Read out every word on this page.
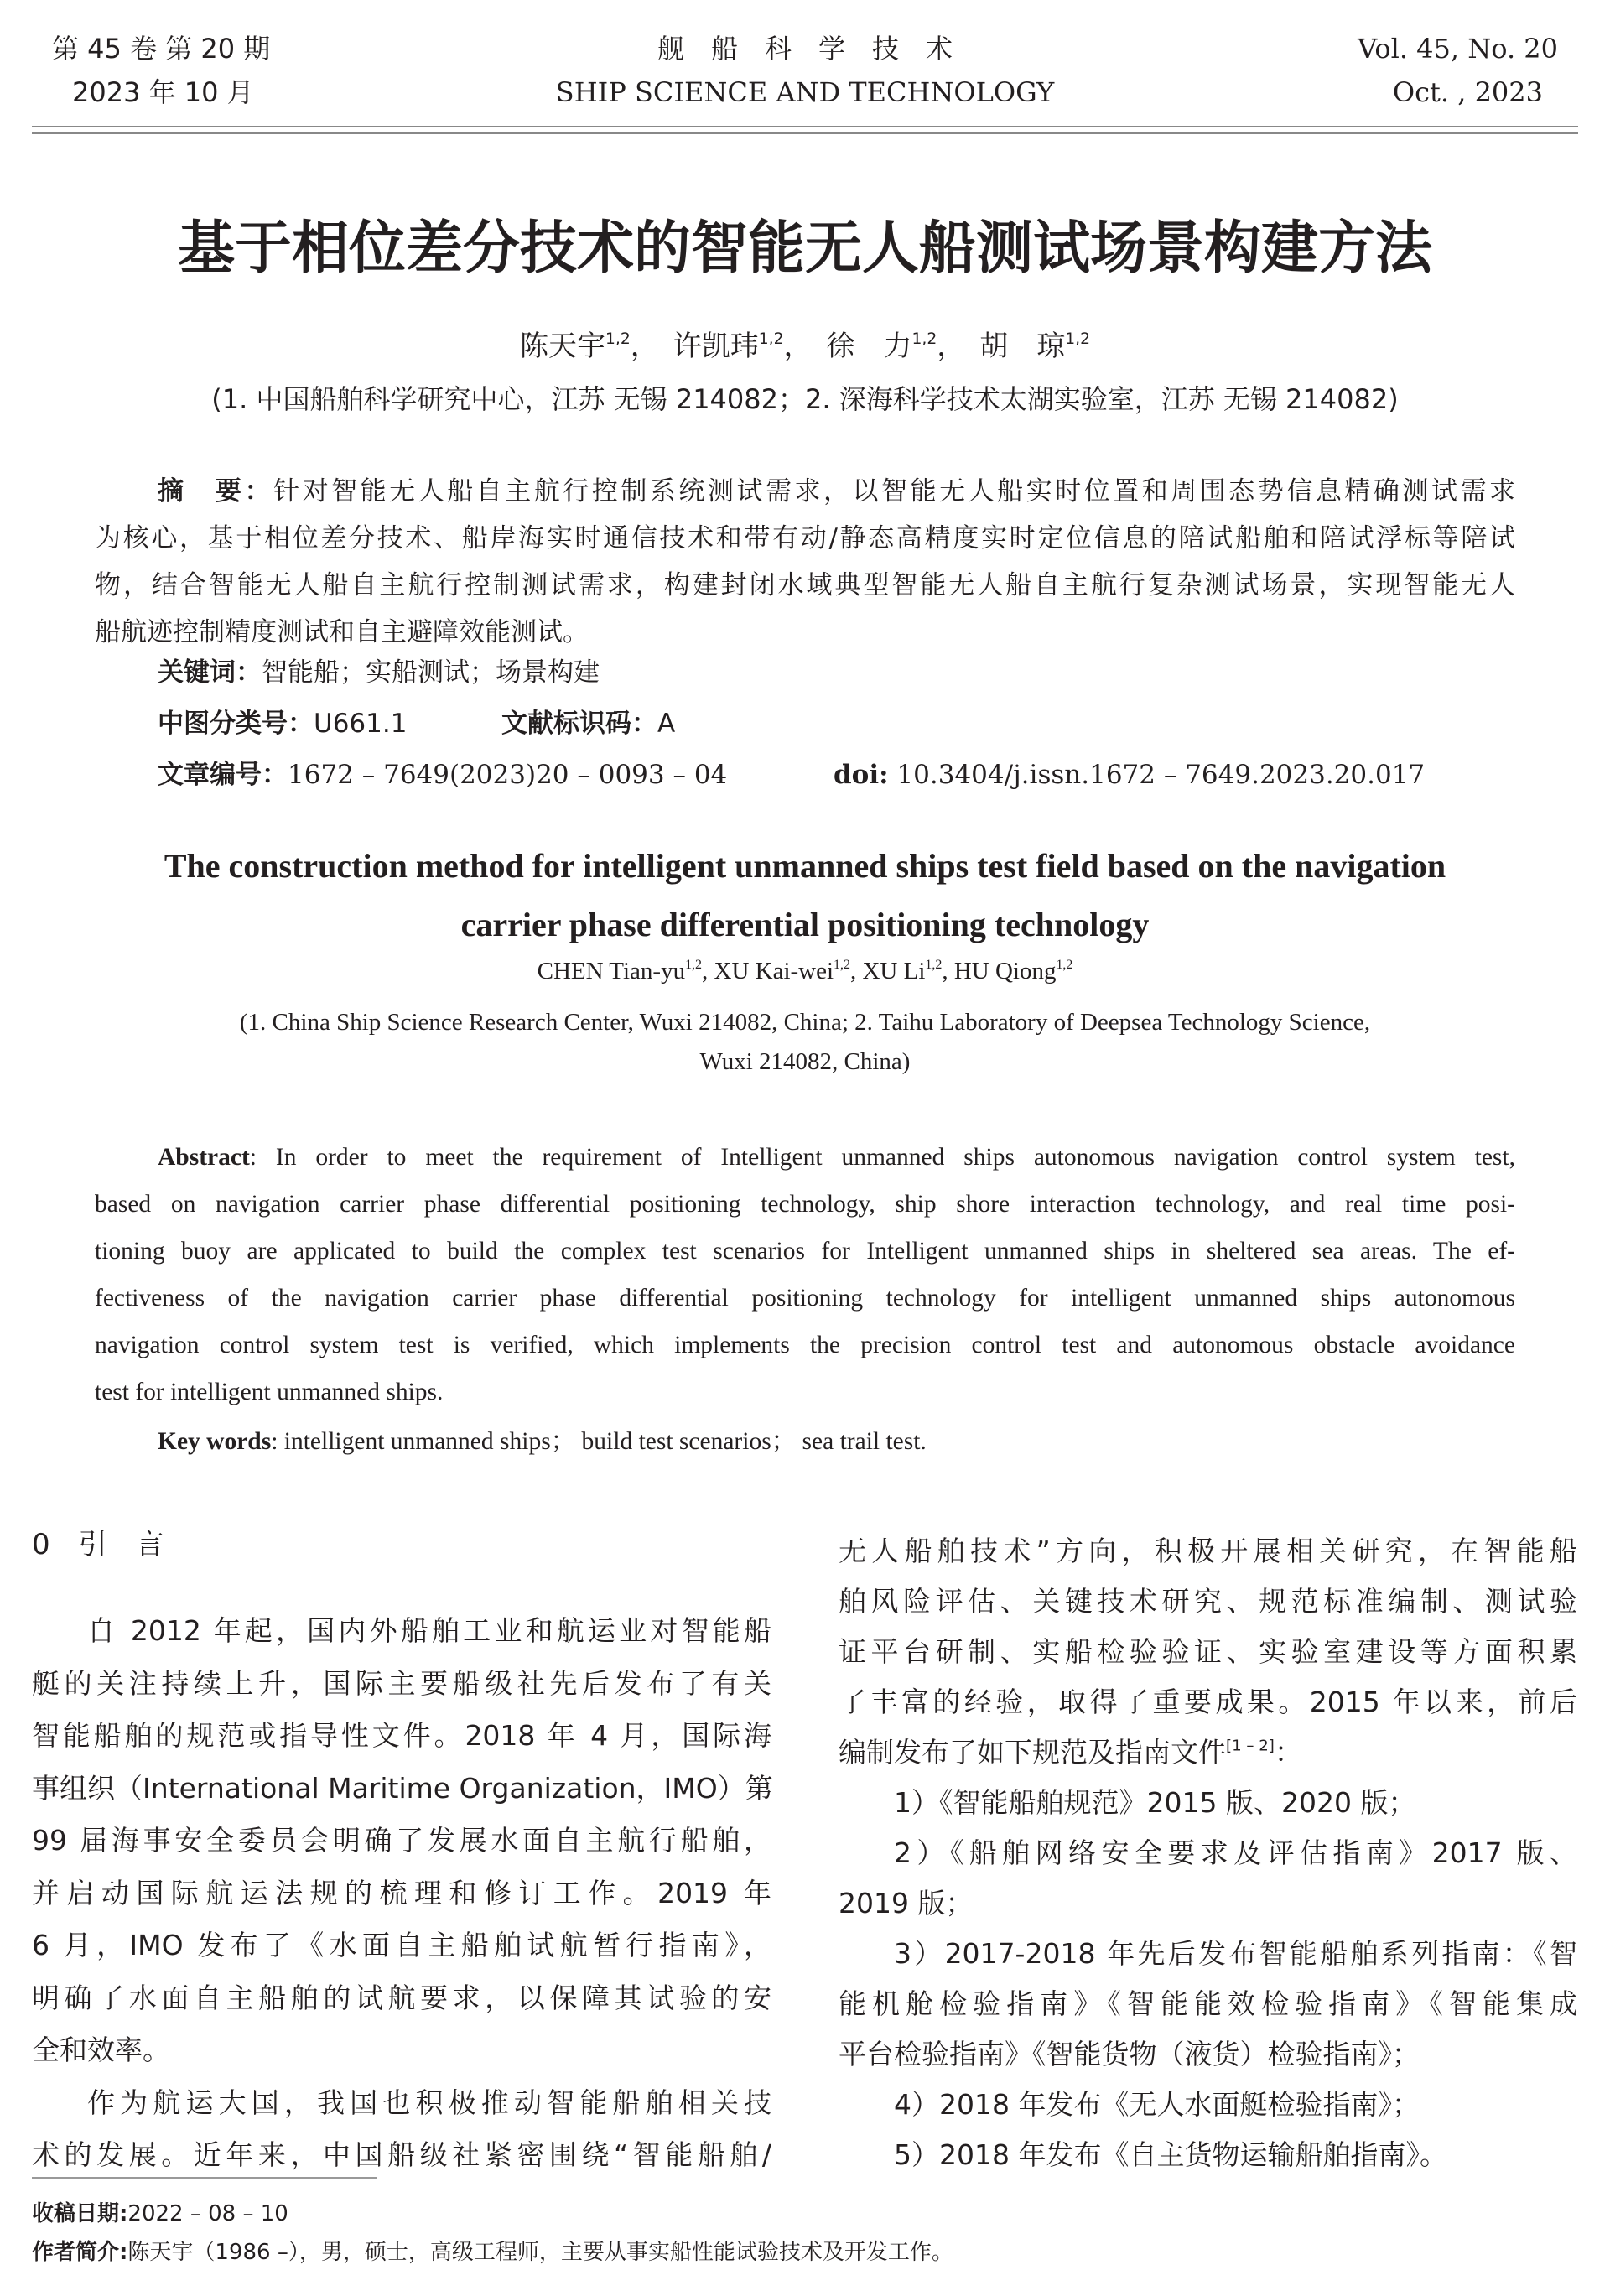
第 45 卷 第 20 期
2023 年 10 月
舰　船　科　学　技　术
SHIP SCIENCE AND TECHNOLOGY
Vol. 45, No. 20
Oct. , 2023
基于相位差分技术的智能无人船测试场景构建方法
陈天宇$^{1,2}$，　许凯玮$^{1,2}$，　徐　力$^{1,2}$，　胡　琼$^{1,2}$
(1. 中国船舶科学研究中心，江苏 无锡 214082；2. 深海科学技术太湖实验室，江苏 无锡 214082)
摘　要：针对智能无人船自主航行控制系统测试需求，以智能无人船实时位置和周围态势信息精确测试需求
为核心，基于相位差分技术、船岸海实时通信技术和带有动/静态高精度实时定位信息的陪试船舶和陪试浮标等陪试
物，结合智能无人船自主航行控制测试需求，构建封闭水域典型智能无人船自主航行复杂测试场景，实现智能无人
船航迹控制精度测试和自主避障效能测试。
关键词：智能船；实船测试；场景构建
中图分类号：U661.1	文献标识码：A
文章编号：1672 – 7649(2023)20 – 0093 – 04	doi: 10.3404/j.issn.1672 – 7649.2023.20.017
The construction method for intelligent unmanned ships test field based on the navigation
carrier phase differential positioning technology
CHEN Tian-yu$^{1,2}$, XU Kai-wei$^{1,2}$, XU Li$^{1,2}$, HU Qiong$^{1,2}$
(1. China Ship Science Research Center, Wuxi 214082, China; 2. Taihu Laboratory of Deepsea Technology Science,
Wuxi 214082, China)
Abstract: In order to meet the requirement of Intelligent unmanned ships autonomous navigation control system test,
based on navigation carrier phase differential positioning technology, ship shore interaction technology, and real time posi-
tioning buoy are applicated to build the complex test scenarios for Intelligent unmanned ships in sheltered sea areas. The ef-
fectiveness of the navigation carrier phase differential positioning technology for intelligent unmanned ships autonomous
navigation control system test is verified, which implements the precision control test and autonomous obstacle avoidance
test for intelligent unmanned ships.
Key words: intelligent unmanned ships； build test scenarios； sea trail test.
0　引　言
自 2012 年起，国内外船舶工业和航运业对智能船
艇的关注持续上升，国际主要船级社先后发布了有关
智能船舶的规范或指导性文件。2018 年 4 月，国际海
事组织（International Maritime Organization，IMO）第
99 届海事安全委员会明确了发展水面自主航行船舶，
并启动国际航运法规的梳理和修订工作。2019 年
6 月，IMO 发布了《水面自主船舶试航暂行指南》，
明确了水面自主船舶的试航要求，以保障其试验的安
全和效率。
作为航运大国，我国也积极推动智能船舶相关技
术的发展。近年来，中国船级社紧密围绕“智能船舶/
无人船舶技术”方向，积极开展相关研究，在智能船
舶风险评估、关键技术研究、规范标准编制、测试验
证平台研制、实船检验验证、实验室建设等方面积累
了丰富的经验，取得了重要成果。2015 年以来，前后
编制发布了如下规范及指南文件[1 – 2]：
1）《智能船舶规范》2015 版、2020 版；
2）《船舶网络安全要求及评估指南》2017 版、
2019 版；
3）2017-2018 年先后发布智能船舶系列指南：《智
能机舱检验指南》《智能能效检验指南》《智能集成
平台检验指南》《智能货物（液货）检验指南》；
4）2018 年发布《无人水面艇检验指南》；
5）2018 年发布《自主货物运输船舶指南》。
收稿日期:2022 – 08 – 10
作者简介:陈天宇（1986 –），男，硕士，高级工程师，主要从事实船性能试验技术及开发工作。
